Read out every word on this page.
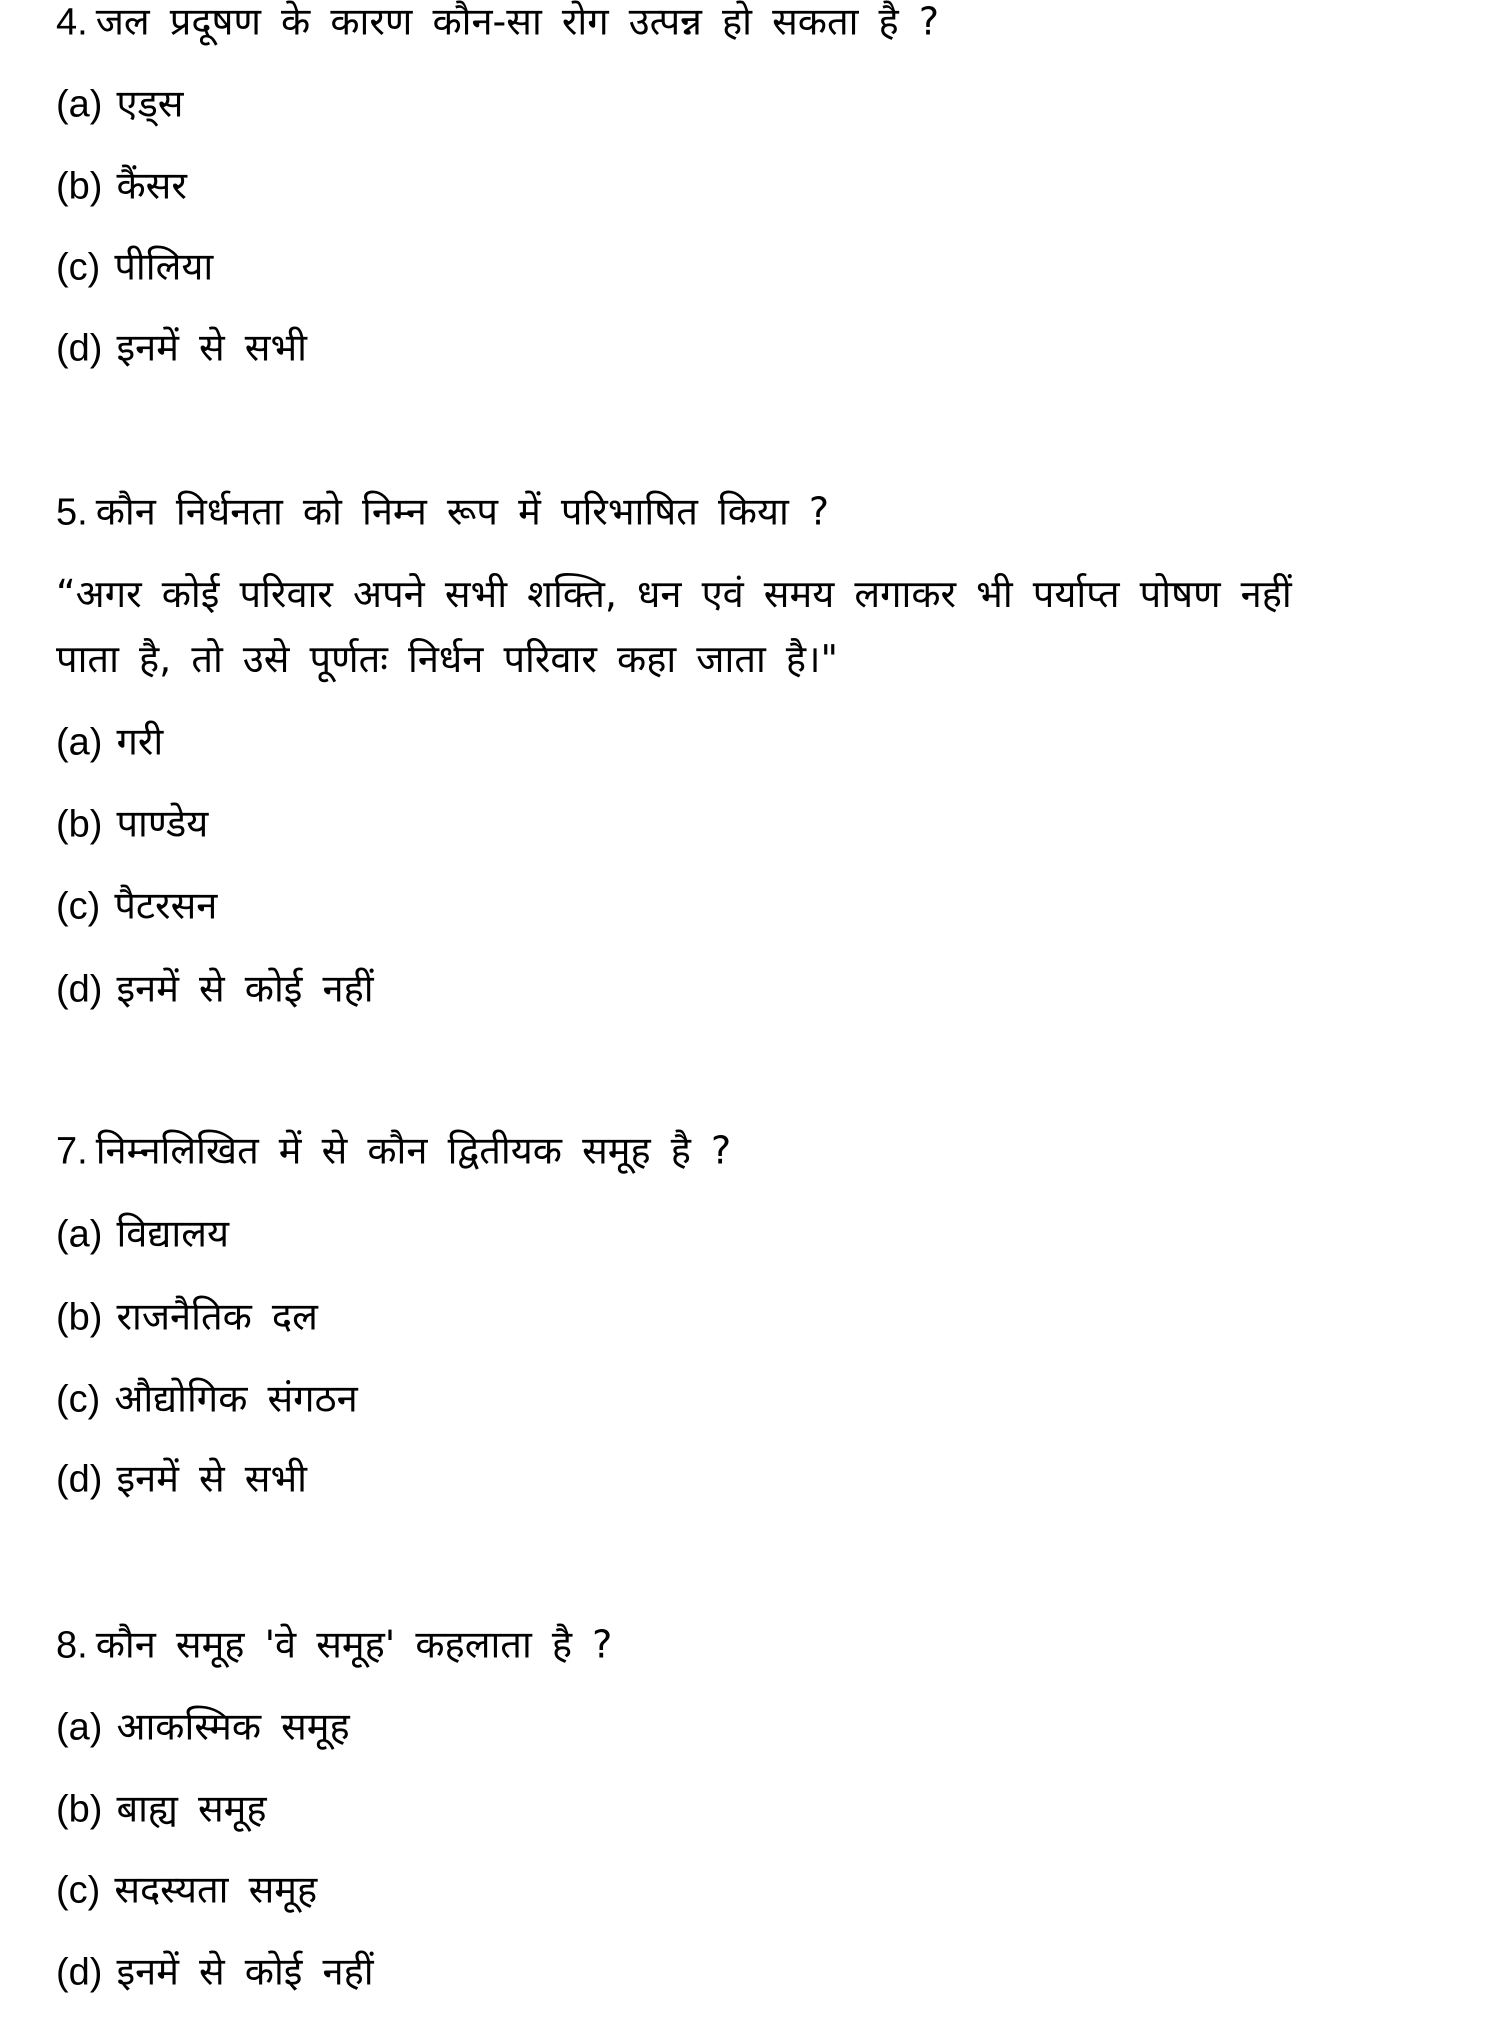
4. जल प्रदूषण के कारण कौन-सा रोग उत्पन्न हो सकता है ?
(a) एड्स
(b) कैंसर
(c) पीलिया
(d) इनमें से सभी
5. कौन निर्धनता को निम्न रूप में परिभाषित किया ?
“अगर कोई परिवार अपने सभी शक्ति, धन एवं समय लगाकर भी पर्याप्त पोषण नहीं
पाता है, तो उसे पूर्णतः निर्धन परिवार कहा जाता है।"
(a) गरी
(b) पाण्डेय
(c) पैटरसन
(d) इनमें से कोई नहीं
7. निम्नलिखित में से कौन द्वितीयक समूह है ?
(a) विद्यालय
(b) राजनैतिक दल
(c) औद्योगिक संगठन
(d) इनमें से सभी
8. कौन समूह 'वे समूह' कहलाता है ?
(a) आकस्मिक समूह
(b) बाह्य समूह
(c) सदस्यता समूह
(d) इनमें से कोई नहीं
